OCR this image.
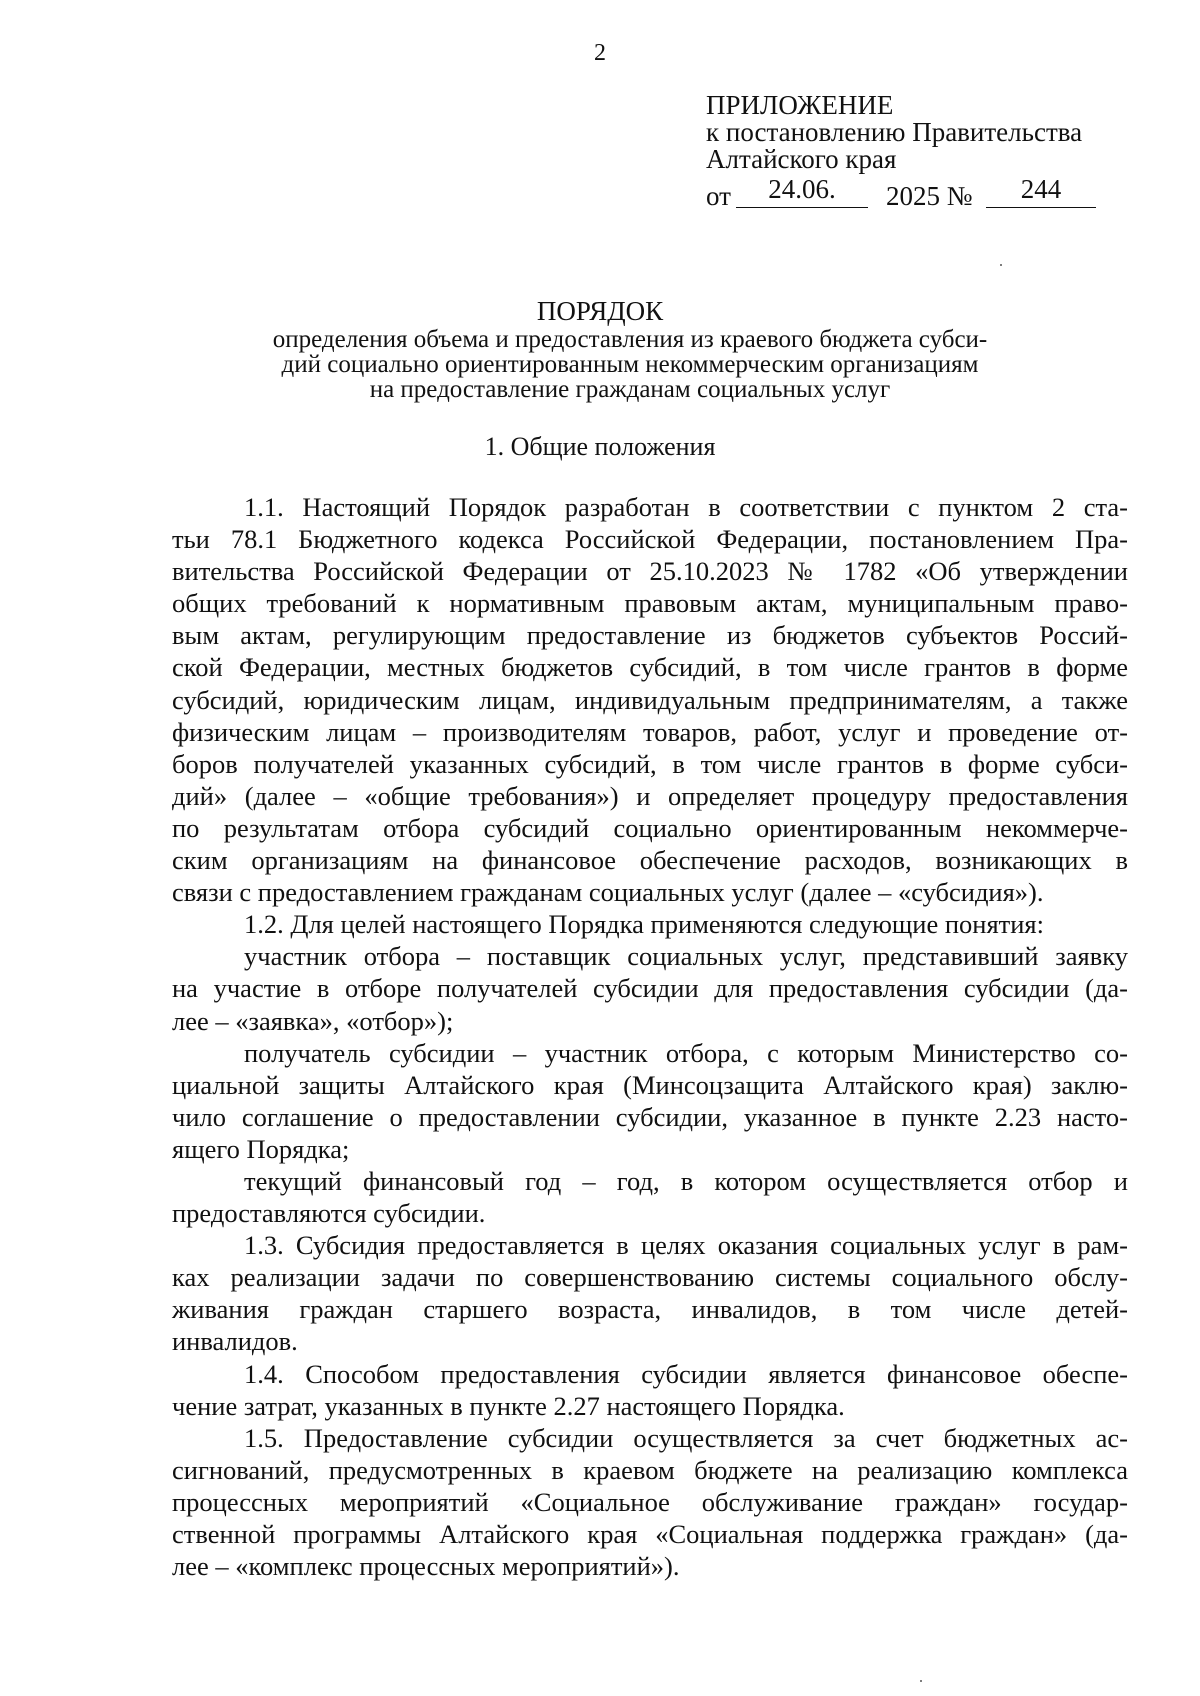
2
ПРИЛОЖЕНИЕ
к постановлению Правительства
Алтайского края
от	24.06.	2025 №	244
ПОРЯДОК
определения объема и предоставления из краевого бюджета субси-
дий социально ориентированным некоммерческим организациям
на предоставление гражданам социальных услуг
1. Общие положения
1.1. Настоящий Порядок разработан в соответствии с пунктом 2 ста-
тьи 78.1 Бюджетного кодекса Российской Федерации, постановлением Пра-
вительства Российской Федерации от 25.10.2023 № 1782 «Об утверждении
общих требований к нормативным правовым актам, муниципальным право-
вым актам, регулирующим предоставление из бюджетов субъектов Россий-
ской Федерации, местных бюджетов субсидий, в том числе грантов в форме
субсидий, юридическим лицам, индивидуальным предпринимателям, а также
физическим лицам – производителям товаров, работ, услуг и проведение от-
боров получателей указанных субсидий, в том числе грантов в форме субси-
дий» (далее – «общие требования») и определяет процедуру предоставления
по результатам отбора субсидий социально ориентированным некоммерче-
ским организациям на финансовое обеспечение расходов, возникающих в
связи с предоставлением гражданам социальных услуг (далее – «субсидия»).
1.2. Для целей настоящего Порядка применяются следующие понятия:
участник отбора – поставщик социальных услуг, представивший заявку
на участие в отборе получателей субсидии для предоставления субсидии (да-
лее – «заявка», «отбор»);
получатель субсидии – участник отбора, с которым Министерство со-
циальной защиты Алтайского края (Минсоцзащита Алтайского края) заклю-
чило соглашение о предоставлении субсидии, указанное в пункте 2.23 насто-
ящего Порядка;
текущий финансовый год – год, в котором осуществляется отбор и
предоставляются субсидии.
1.3. Субсидия предоставляется в целях оказания социальных услуг в рам-
ках реализации задачи по совершенствованию системы социального обслу-
живания граждан старшего возраста, инвалидов, в том числе детей-
инвалидов.
1.4. Способом предоставления субсидии является финансовое обеспе-
чение затрат, указанных в пункте 2.27 настоящего Порядка.
1.5. Предоставление субсидии осуществляется за счет бюджетных ас-
сигнований, предусмотренных в краевом бюджете на реализацию комплекса
процессных мероприятий «Социальное обслуживание граждан» государ-
ственной программы Алтайского края «Социальная поддержка граждан» (да-
лее – «комплекс процессных мероприятий»).
